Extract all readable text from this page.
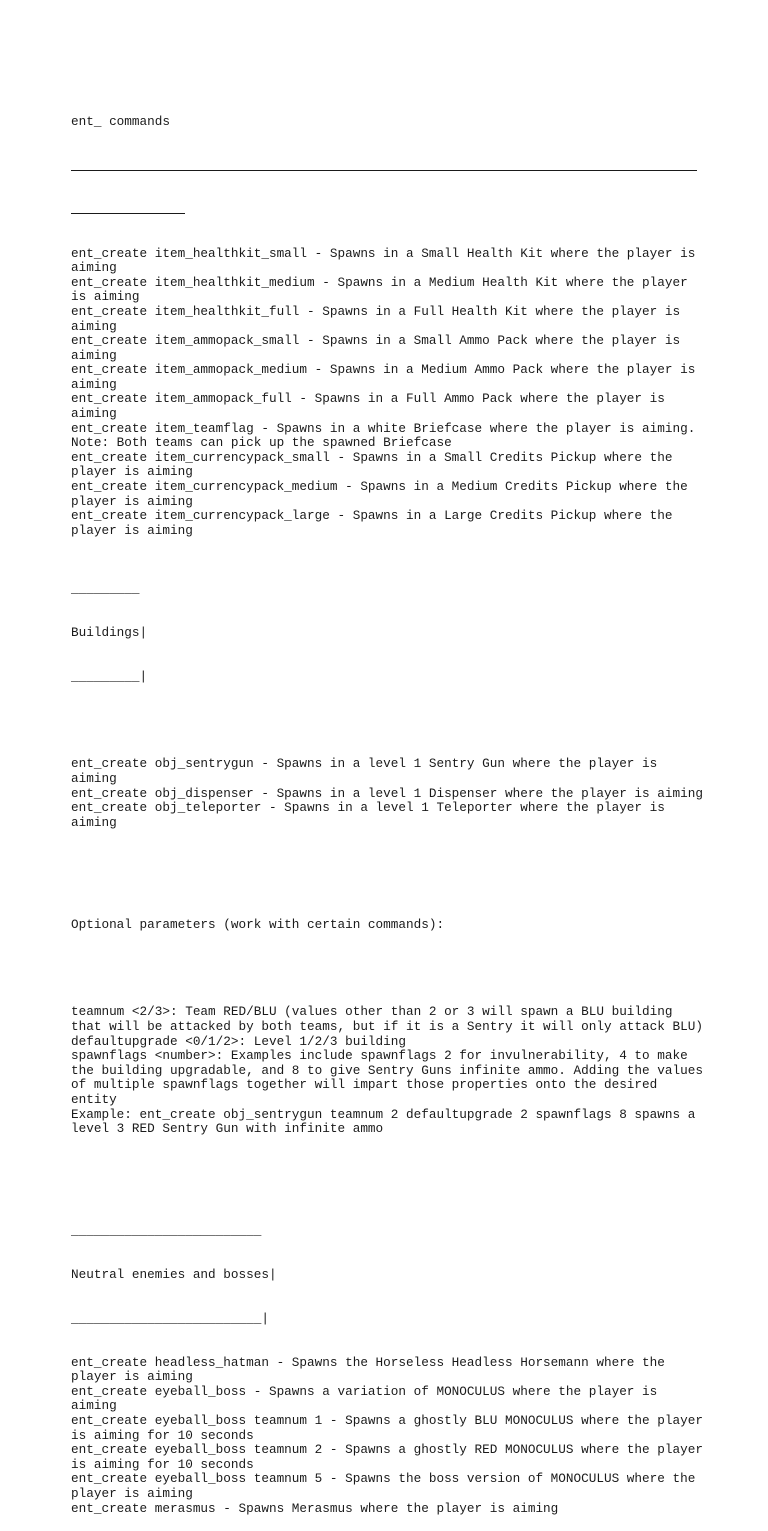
ent_ commands

ent_create item_healthkit_small - Spawns in a Small Health Kit where the player is
aiming
ent_create item_healthkit_medium - Spawns in a Medium Health Kit where the player
is aiming
ent_create item_healthkit_full - Spawns in a Full Health Kit where the player is
aiming
ent_create item_ammopack_small - Spawns in a Small Ammo Pack where the player is
aiming
ent_create item_ammopack_medium - Spawns in a Medium Ammo Pack where the player is
aiming
ent_create item_ammopack_full - Spawns in a Full Ammo Pack where the player is
aiming
ent_create item_teamflag - Spawns in a white Briefcase where the player is aiming.
Note: Both teams can pick up the spawned Briefcase
ent_create item_currencypack_small - Spawns in a Small Credits Pickup where the
player is aiming
ent_create item_currencypack_medium - Spawns in a Medium Credits Pickup where the
player is aiming
ent_create item_currencypack_large - Spawns in a Large Credits Pickup where the
player is aiming

_________

Buildings|

_________|

ent_create obj_sentrygun - Spawns in a level 1 Sentry Gun where the player is
aiming
ent_create obj_dispenser - Spawns in a level 1 Dispenser where the player is aiming
ent_create obj_teleporter - Spawns in a level 1 Teleporter where the player is
aiming

Optional parameters (work with certain commands):

teamnum <2/3>: Team RED/BLU (values other than 2 or 3 will spawn a BLU building
that will be attacked by both teams, but if it is a Sentry it will only attack BLU)
defaultupgrade <0/1/2>: Level 1/2/3 building
spawnflags <number>: Examples include spawnflags 2 for invulnerability, 4 to make
the building upgradable, and 8 to give Sentry Guns infinite ammo. Adding the values
of multiple spawnflags together will impart those properties onto the desired
entity
Example: ent_create obj_sentrygun teamnum 2 defaultupgrade 2 spawnflags 8 spawns a
level 3 RED Sentry Gun with infinite ammo

_________________________

Neutral enemies and bosses|

_________________________|

ent_create headless_hatman - Spawns the Horseless Headless Horsemann where the
player is aiming
ent_create eyeball_boss - Spawns a variation of MONOCULUS where the player is
aiming
ent_create eyeball_boss teamnum 1 - Spawns a ghostly BLU MONOCULUS where the player
is aiming for 10 seconds
ent_create eyeball_boss teamnum 2 - Spawns a ghostly RED MONOCULUS where the player
is aiming for 10 seconds
ent_create eyeball_boss teamnum 5 - Spawns the boss version of MONOCULUS where the
player is aiming
ent_create merasmus - Spawns Merasmus where the player is aiming
